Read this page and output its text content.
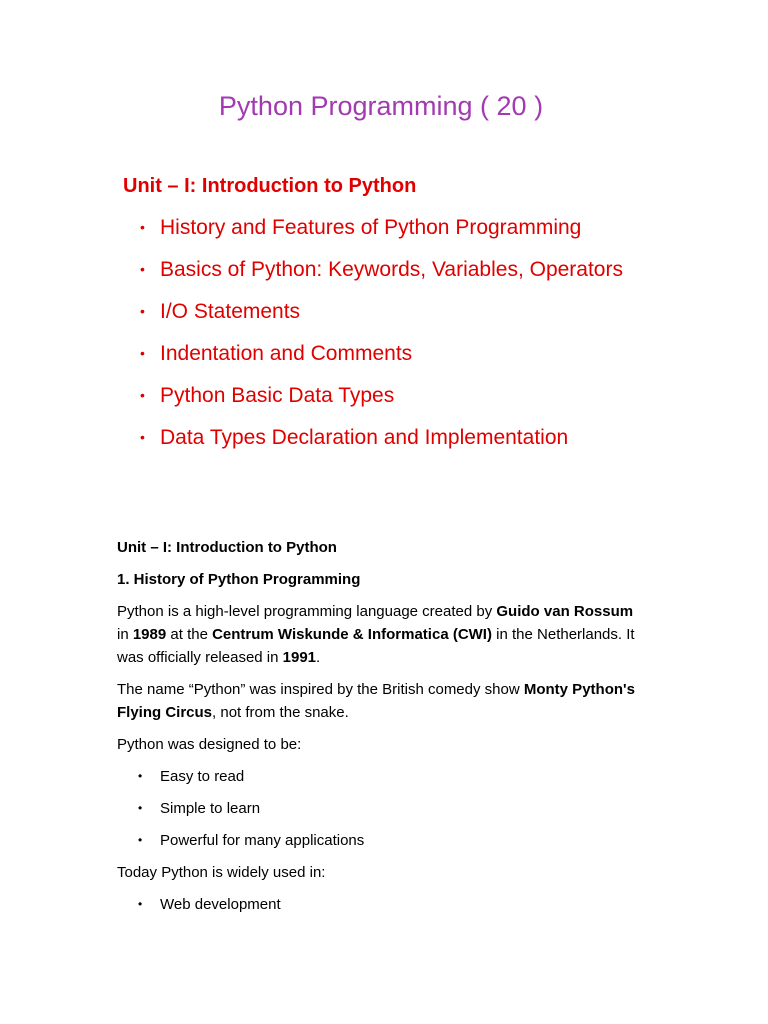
Python Programming ( 20 )
Unit – I: Introduction to Python
• History and Features of Python Programming
• Basics of Python: Keywords, Variables, Operators
• I/O Statements
• Indentation and Comments
• Python Basic Data Types
• Data Types Declaration and Implementation

Unit – I: Introduction to Python

1. History of Python Programming

Python is a high-level programming language created by Guido van Rossum in 1989 at the Centrum Wiskunde & Informatica (CWI) in the Netherlands. It was officially released in 1991.

The name “Python” was inspired by the British comedy show Monty Python's Flying Circus, not from the snake.

Python was designed to be:

• Easy to read
• Simple to learn
• Powerful for many applications

Today Python is widely used in:

• Web development
